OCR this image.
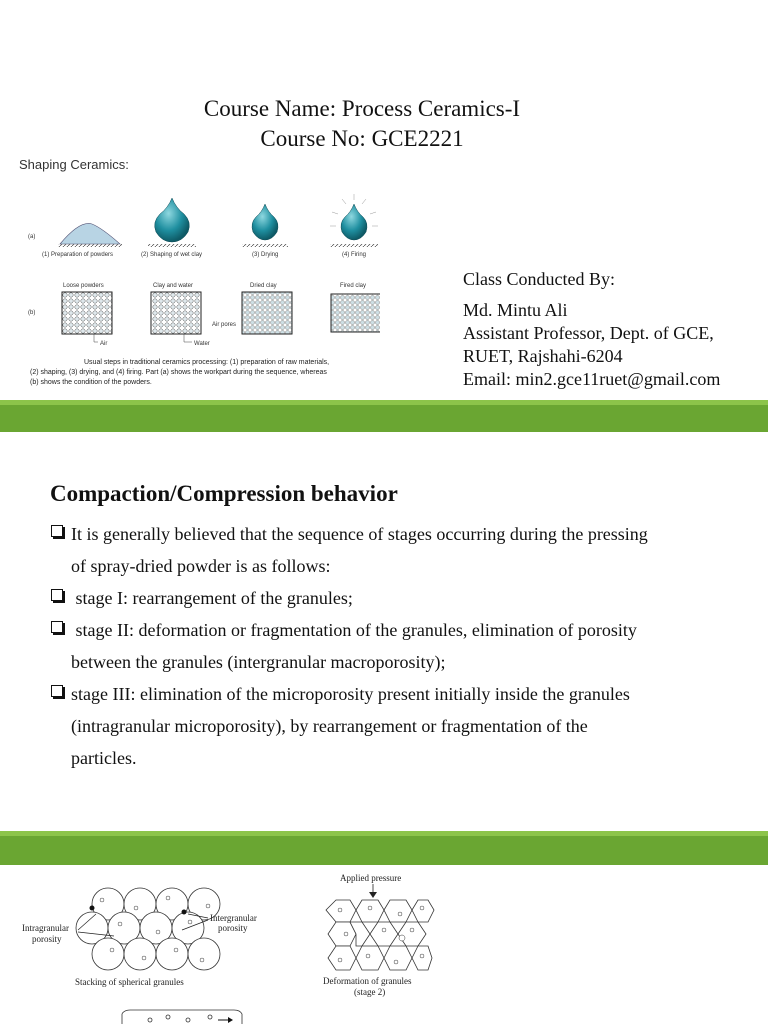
Course Name: Process Ceramics-I
Course No: GCE2221
Shaping Ceramics:
(a)
(1) Preparation of powders	(2) Shaping of wet clay	(3) Drying	(4) Firing
(b)
Loose powders	Clay and water	Dried clay	Fired clay
Air	Water
Air pores
Usual steps in traditional ceramics processing: (1) preparation of raw materials,
(2) shaping, (3) drying, and (4) firing. Part (a) shows the workpart during the sequence, whereas
(b) shows the condition of the powders.
Class Conducted By:
Md. Mintu Ali
Assistant Professor, Dept. of GCE,
RUET, Rajshahi-6204
Email: min2.gce11ruet@gmail.com
Compaction/Compression behavior
It is generally believed that the sequence of stages occurring during the pressing
of spray-dried powder is as follows:
stage I: rearrangement of the granules;
stage II: deformation or fragmentation of the granules, elimination of porosity
between the granules (intergranular macroporosity);
stage III: elimination of the microporosity present initially inside the granules
(intragranular microporosity), by rearrangement or fragmentation of the
particles.
Intragranular
porosity
Intergranular
porosity
Stacking of spherical granules
Applied pressure
Deformation of granules
(stage 2)
